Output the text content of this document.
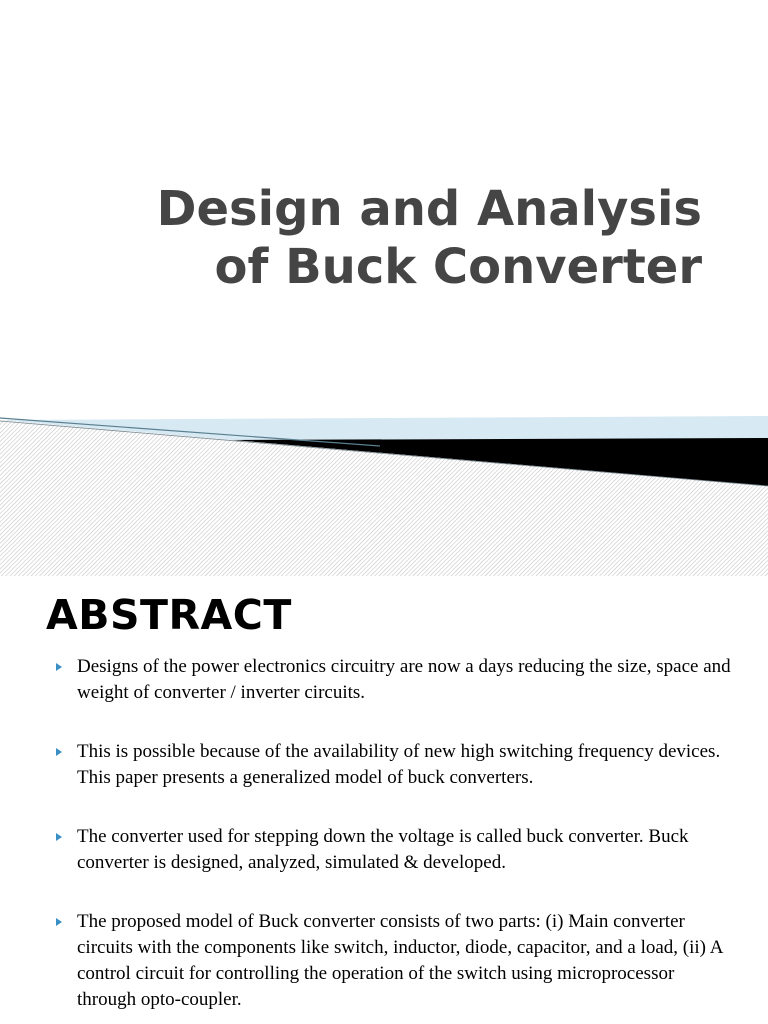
Design and Analysis
of Buck Converter
ABSTRACT
Designs of the power electronics circuitry are now a days reducing the size, space and weight of converter / inverter circuits.
This is possible because of the availability of new high switching frequency devices. This paper presents a generalized model of buck converters.
The converter used for stepping down the voltage is called buck converter. Buck converter is designed, analyzed, simulated & developed.
The proposed model of Buck converter consists of two parts: (i) Main converter circuits with the components like switch, inductor, diode, capacitor, and a load, (ii) A control circuit for controlling the operation of the switch using microprocessor through opto-coupler.
